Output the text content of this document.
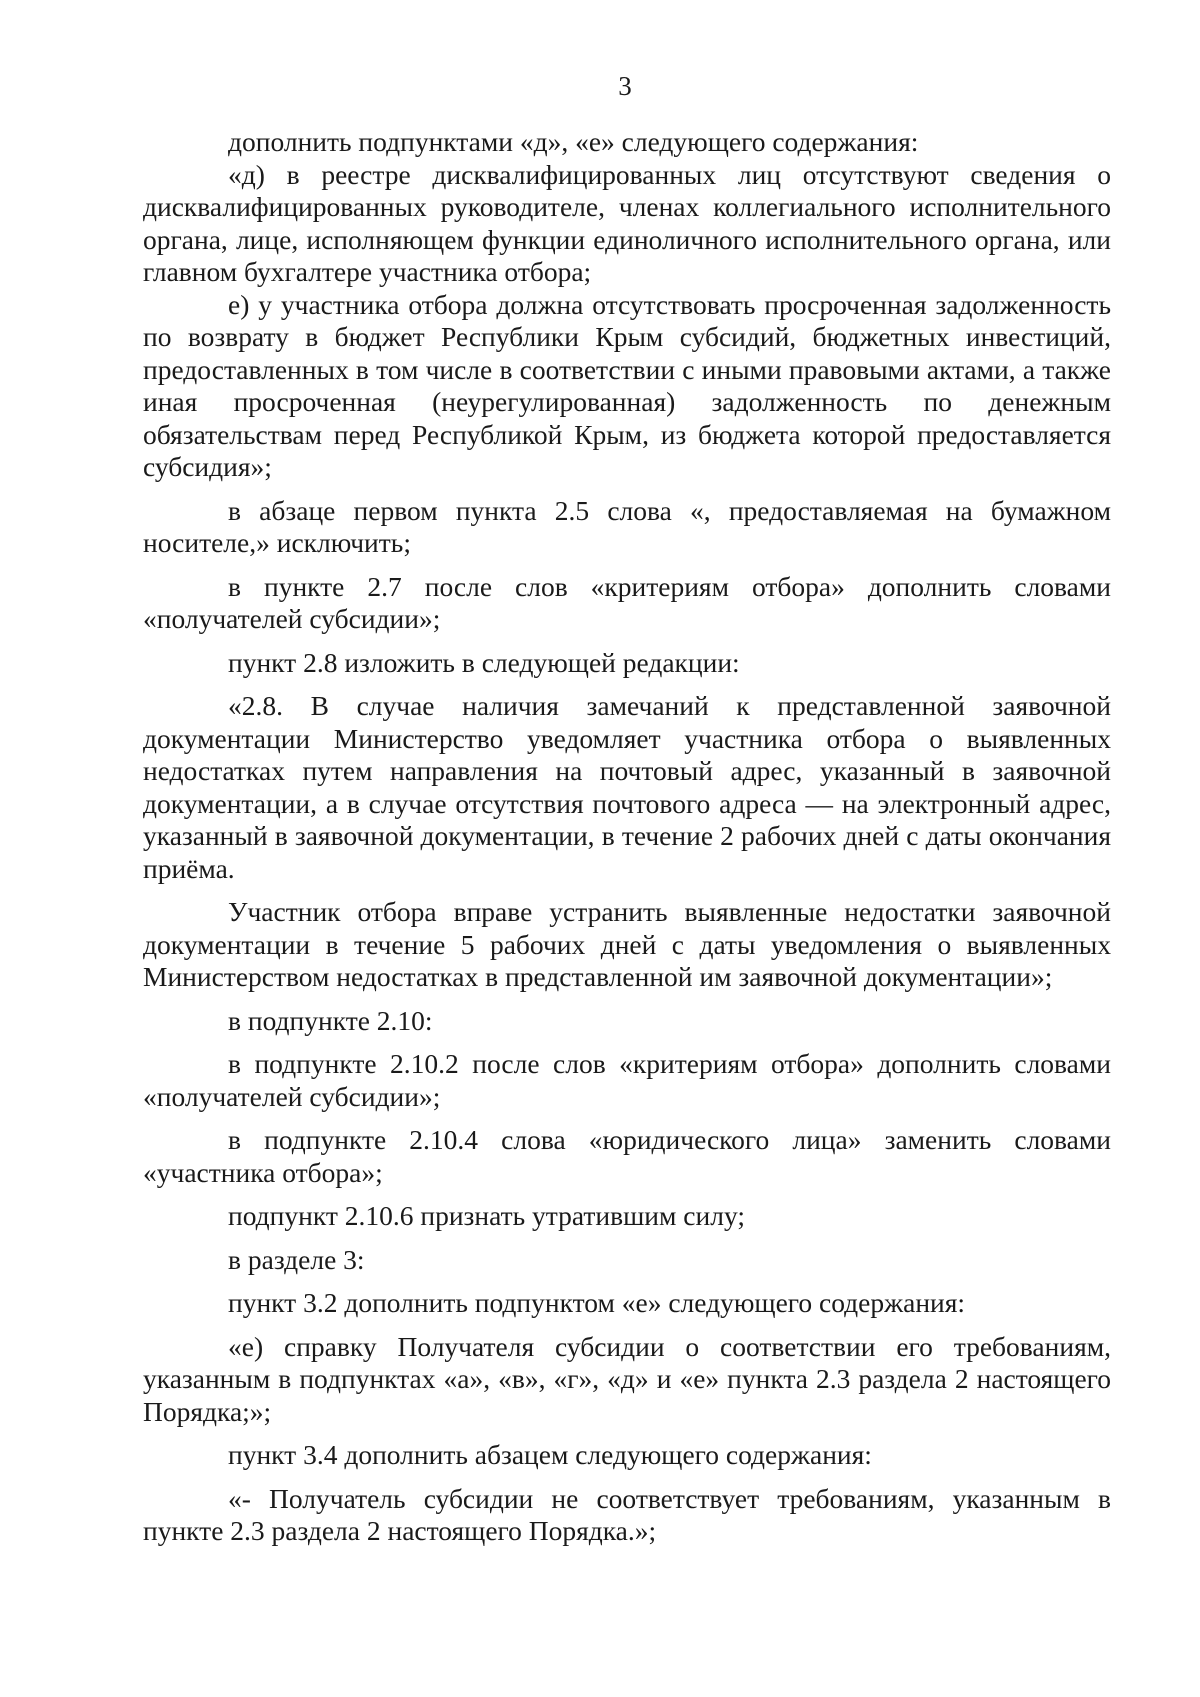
3

дополнить подпунктами «д», «е» следующего содержания:

«д) в реестре дисквалифицированных лиц отсутствуют сведения о дисквалифицированных руководителе, членах коллегиального исполнительного органа, лице, исполняющем функции единоличного исполнительного органа, или главном бухгалтере участника отбора;

е) у участника отбора должна отсутствовать просроченная задолженность по возврату в бюджет Республики Крым субсидий, бюджетных инвестиций, предоставленных в том числе в соответствии с иными правовыми актами, а также иная просроченная (неурегулированная) задолженность по денежным обязательствам перед Республикой Крым, из бюджета которой предоставляется субсидия»;

в абзаце первом пункта 2.5 слова «, предоставляемая на бумажном носителе,» исключить;

в пункте 2.7 после слов «критериям отбора» дополнить словами «получателей субсидии»;

пункт 2.8 изложить в следующей редакции:

«2.8. В случае наличия замечаний к представленной заявочной документации Министерство уведомляет участника отбора о выявленных недостатках путем направления на почтовый адрес, указанный в заявочной документации, а в случае отсутствия почтового адреса — на электронный адрес, указанный в заявочной документации, в течение 2 рабочих дней с даты окончания приёма.

Участник отбора вправе устранить выявленные недостатки заявочной документации в течение 5 рабочих дней с даты уведомления о выявленных Министерством недостатках в представленной им заявочной документации»;

в подпункте 2.10:

в подпункте 2.10.2 после слов «критериям отбора» дополнить словами «получателей субсидии»;

в подпункте 2.10.4 слова «юридического лица» заменить словами «участника отбора»;

подпункт 2.10.6 признать утратившим силу;

в разделе 3:

пункт 3.2 дополнить подпунктом «е» следующего содержания:

«е) справку Получателя субсидии о соответствии его требованиям, указанным в подпунктах «а», «в», «г», «д» и «е» пункта 2.3 раздела 2 настоящего Порядка;»;

пункт 3.4 дополнить абзацем следующего содержания:

«- Получатель субсидии не соответствует требованиям, указанным в пункте 2.3 раздела 2 настоящего Порядка.»;
